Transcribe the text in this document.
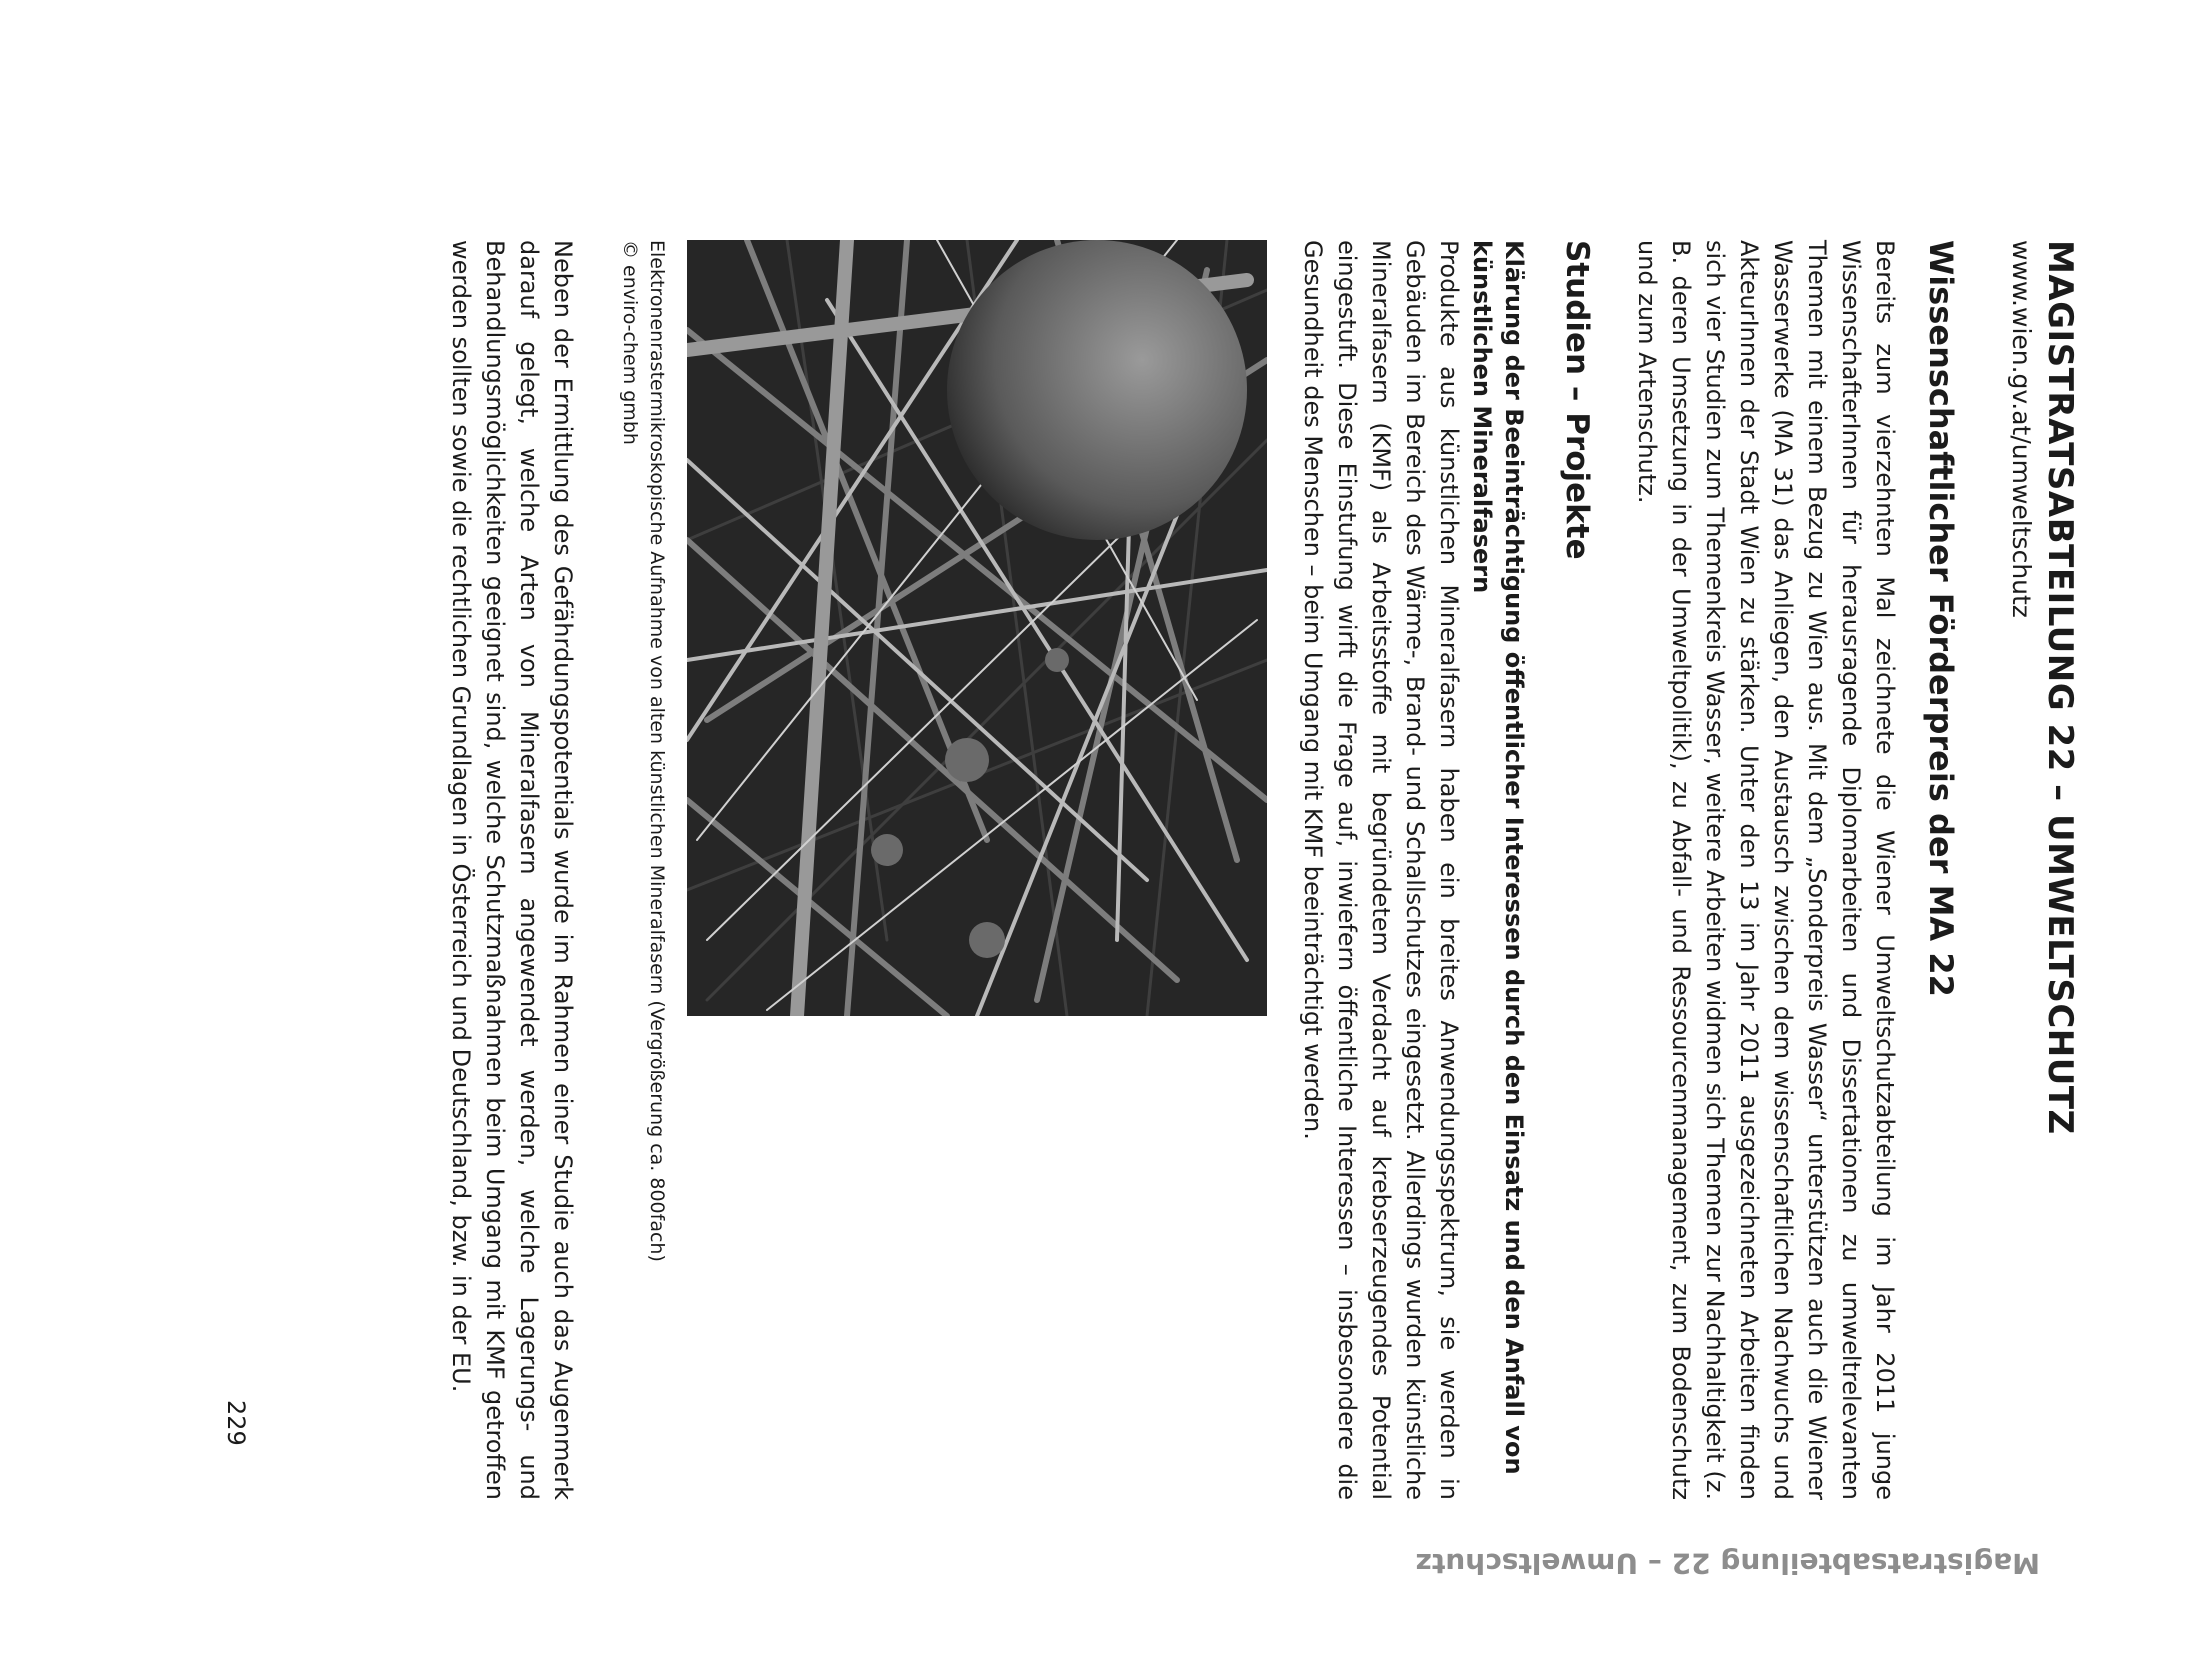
MAGISTRATSABTEILUNG 22 – UMWELTSCHUTZ
www.wien.gv.at/umweltschutz
Wissenschaftlicher Förderpreis der MA 22

Bereits zum vierzehnten Mal zeichnete die Wiener Umweltschutzabteilung im Jahr 2011 junge WissenschafterInnen für herausragende Diplomarbeiten und Dissertationen zu umweltrelevanten Themen mit einem Bezug zu Wien aus. Mit dem „Sonderpreis Wasser“ unterstützen auch die Wiener Wasserwerke (MA 31) das Anliegen, den Austausch zwischen dem wissenschaftlichen Nachwuchs und AkteurInnen der Stadt Wien zu stärken. Unter den 13 im Jahr 2011 ausgezeichneten Arbeiten finden sich vier Studien zum Themenkreis Wasser, weitere Arbeiten widmen sich Themen zur Nachhaltigkeit (z. B. deren Umsetzung in der Umweltpolitik), zu Abfall- und Ressourcenmanagement, zum Bodenschutz und zum Artenschutz.

Studien – Projekte

Klärung der Beeinträchtigung öffentlicher Interessen durch den Einsatz und den Anfall von künstlichen Mineralfasern

Produkte aus künstlichen Mineralfasern haben ein breites Anwendungsspektrum, sie werden in Gebäuden im Bereich des Wärme-, Brand- und Schallschutzes eingesetzt. Allerdings wurden künstliche Mineralfasern (KMF) als Arbeitsstoffe mit begründetem Verdacht auf krebserzeugendes Potential eingestuft. Diese Einstufung wirft die Frage auf, inwiefern öffentliche Interessen – insbesondere die Gesundheit des Menschen – beim Umgang mit KMF beeinträchtigt werden.

Elektronenrastermikroskopische Aufnahme von alten künstlichen Mineralfasern (Vergrößerung ca. 800fach)
© enviro-chem gmbh

Neben der Ermittlung des Gefährdungspotentials wurde im Rahmen einer Studie auch das Augenmerk darauf gelegt, welche Arten von Mineralfasern angewendet werden, welche Lagerungs- und Behandlungsmöglichkeiten geeignet sind, welche Schutzmaßnahmen beim Umgang mit KMF getroffen werden sollten sowie die rechtlichen Grundlagen in Österreich und Deutschland, bzw. in der EU.

229
Magistratsabteilung 22 – Umweltschutz
